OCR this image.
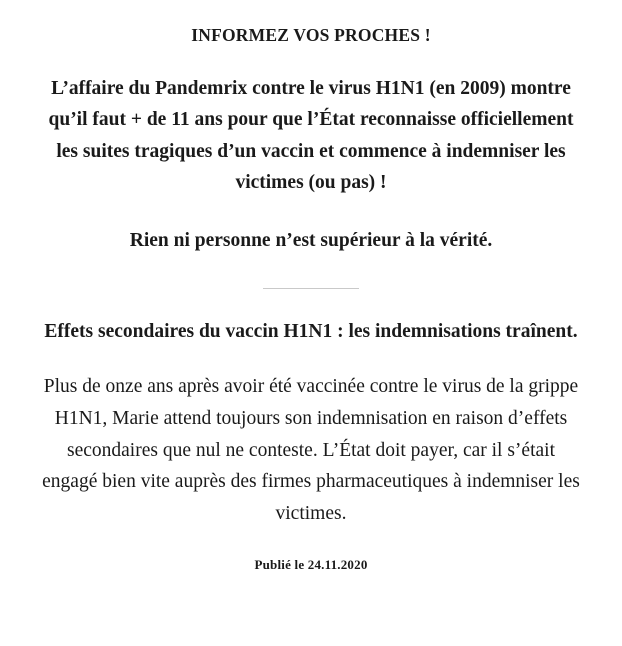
INFORMEZ VOS PROCHES !

L’affaire du Pandemrix contre le virus H1N1 (en 2009) montre qu’il faut + de 11 ans pour que l’État reconnaisse officiellement les suites tragiques d’un vaccin et commence à indemniser les victimes (ou pas) !

Rien ni personne n’est supérieur à la vérité.

Effets secondaires du vaccin H1N1 : les indemnisations traînent.

Plus de onze ans après avoir été vaccinée contre le virus de la grippe H1N1, Marie attend toujours son indemnisation en raison d’effets secondaires que nul ne conteste. L’État doit payer, car il s’était engagé bien vite auprès des firmes pharmaceutiques à indemniser les victimes.

Publié le 24.11.2020
